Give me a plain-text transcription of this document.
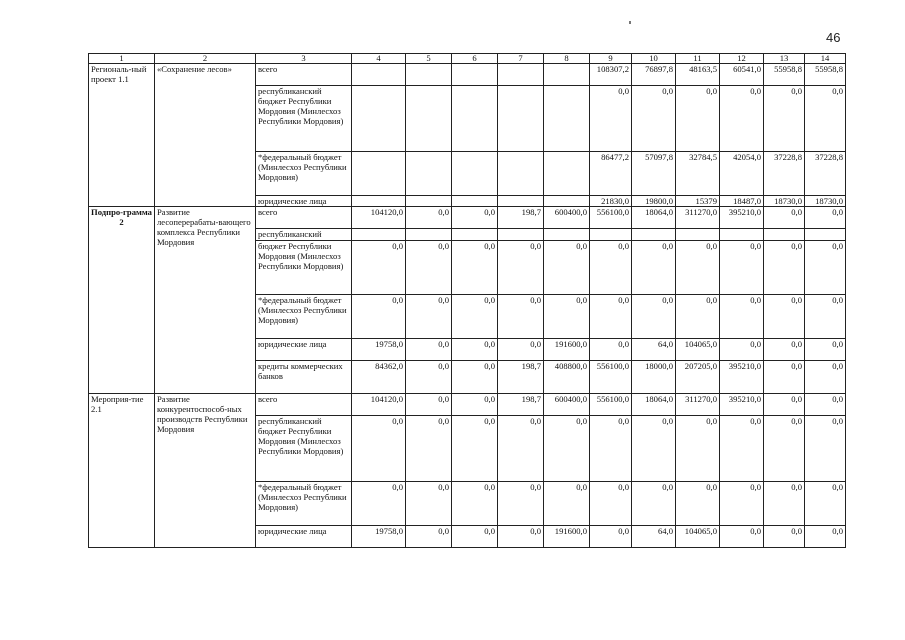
46
1	2	3	4	5	6	7	8	9	10	11	12	13	14
Региональ-ный проект 1.1	«Сохранение лесов»	всего						108307,2	76897,8	48163,5	60541,0	55958,8	55958,8
		республиканский бюджет Республики Мордовия (Минлесхоз Республики Мордовия)						0,0	0,0	0,0	0,0	0,0	0,0
		*федеральный бюджет (Минлесхоз Республики Мордовия)						86477,2	57097,8	32784,5	42054,0	37228,8	37228,8
		юридические лица						21830,0	19800,0	15379	18487,0	18730,0	18730,0
Подпро-грамма 2	Развитие лесоперерабаты-вающего комплекса Республики Мордовия	всего	104120,0	0,0	0,0	198,7	600400,0	556100,0	18064,0	311270,0	395210,0	0,0	0,0
		республиканский											
		бюджет Республики Мордовия (Минлесхоз Республики Мордовия)	0,0	0,0	0,0	0,0	0,0	0,0	0,0	0,0	0,0	0,0	0,0
		*федеральный бюджет (Минлесхоз Республики Мордовия)	0,0	0,0	0,0	0,0	0,0	0,0	0,0	0,0	0,0	0,0	0,0
		юридические лица	19758,0	0,0	0,0	0,0	191600,0	0,0	64,0	104065,0	0,0	0,0	0,0
		кредиты коммерческих банков	84362,0	0,0	0,0	198,7	408800,0	556100,0	18000,0	207205,0	395210,0	0,0	0,0
Мероприя-тие 2.1	Развитие конкурентоспособ-ных производств Республики Мордовия	всего	104120,0	0,0	0,0	198,7	600400,0	556100,0	18064,0	311270,0	395210,0	0,0	0,0
		республиканский бюджет Республики Мордовия (Минлесхоз Республики Мордовия)	0,0	0,0	0,0	0,0	0,0	0,0	0,0	0,0	0,0	0,0	0,0
		*федеральный бюджет (Минлесхоз Республики Мордовия)	0,0	0,0	0,0	0,0	0,0	0,0	0,0	0,0	0,0	0,0	0,0
		юридические лица	19758,0	0,0	0,0	0,0	191600,0	0,0	64,0	104065,0	0,0	0,0	0,0
